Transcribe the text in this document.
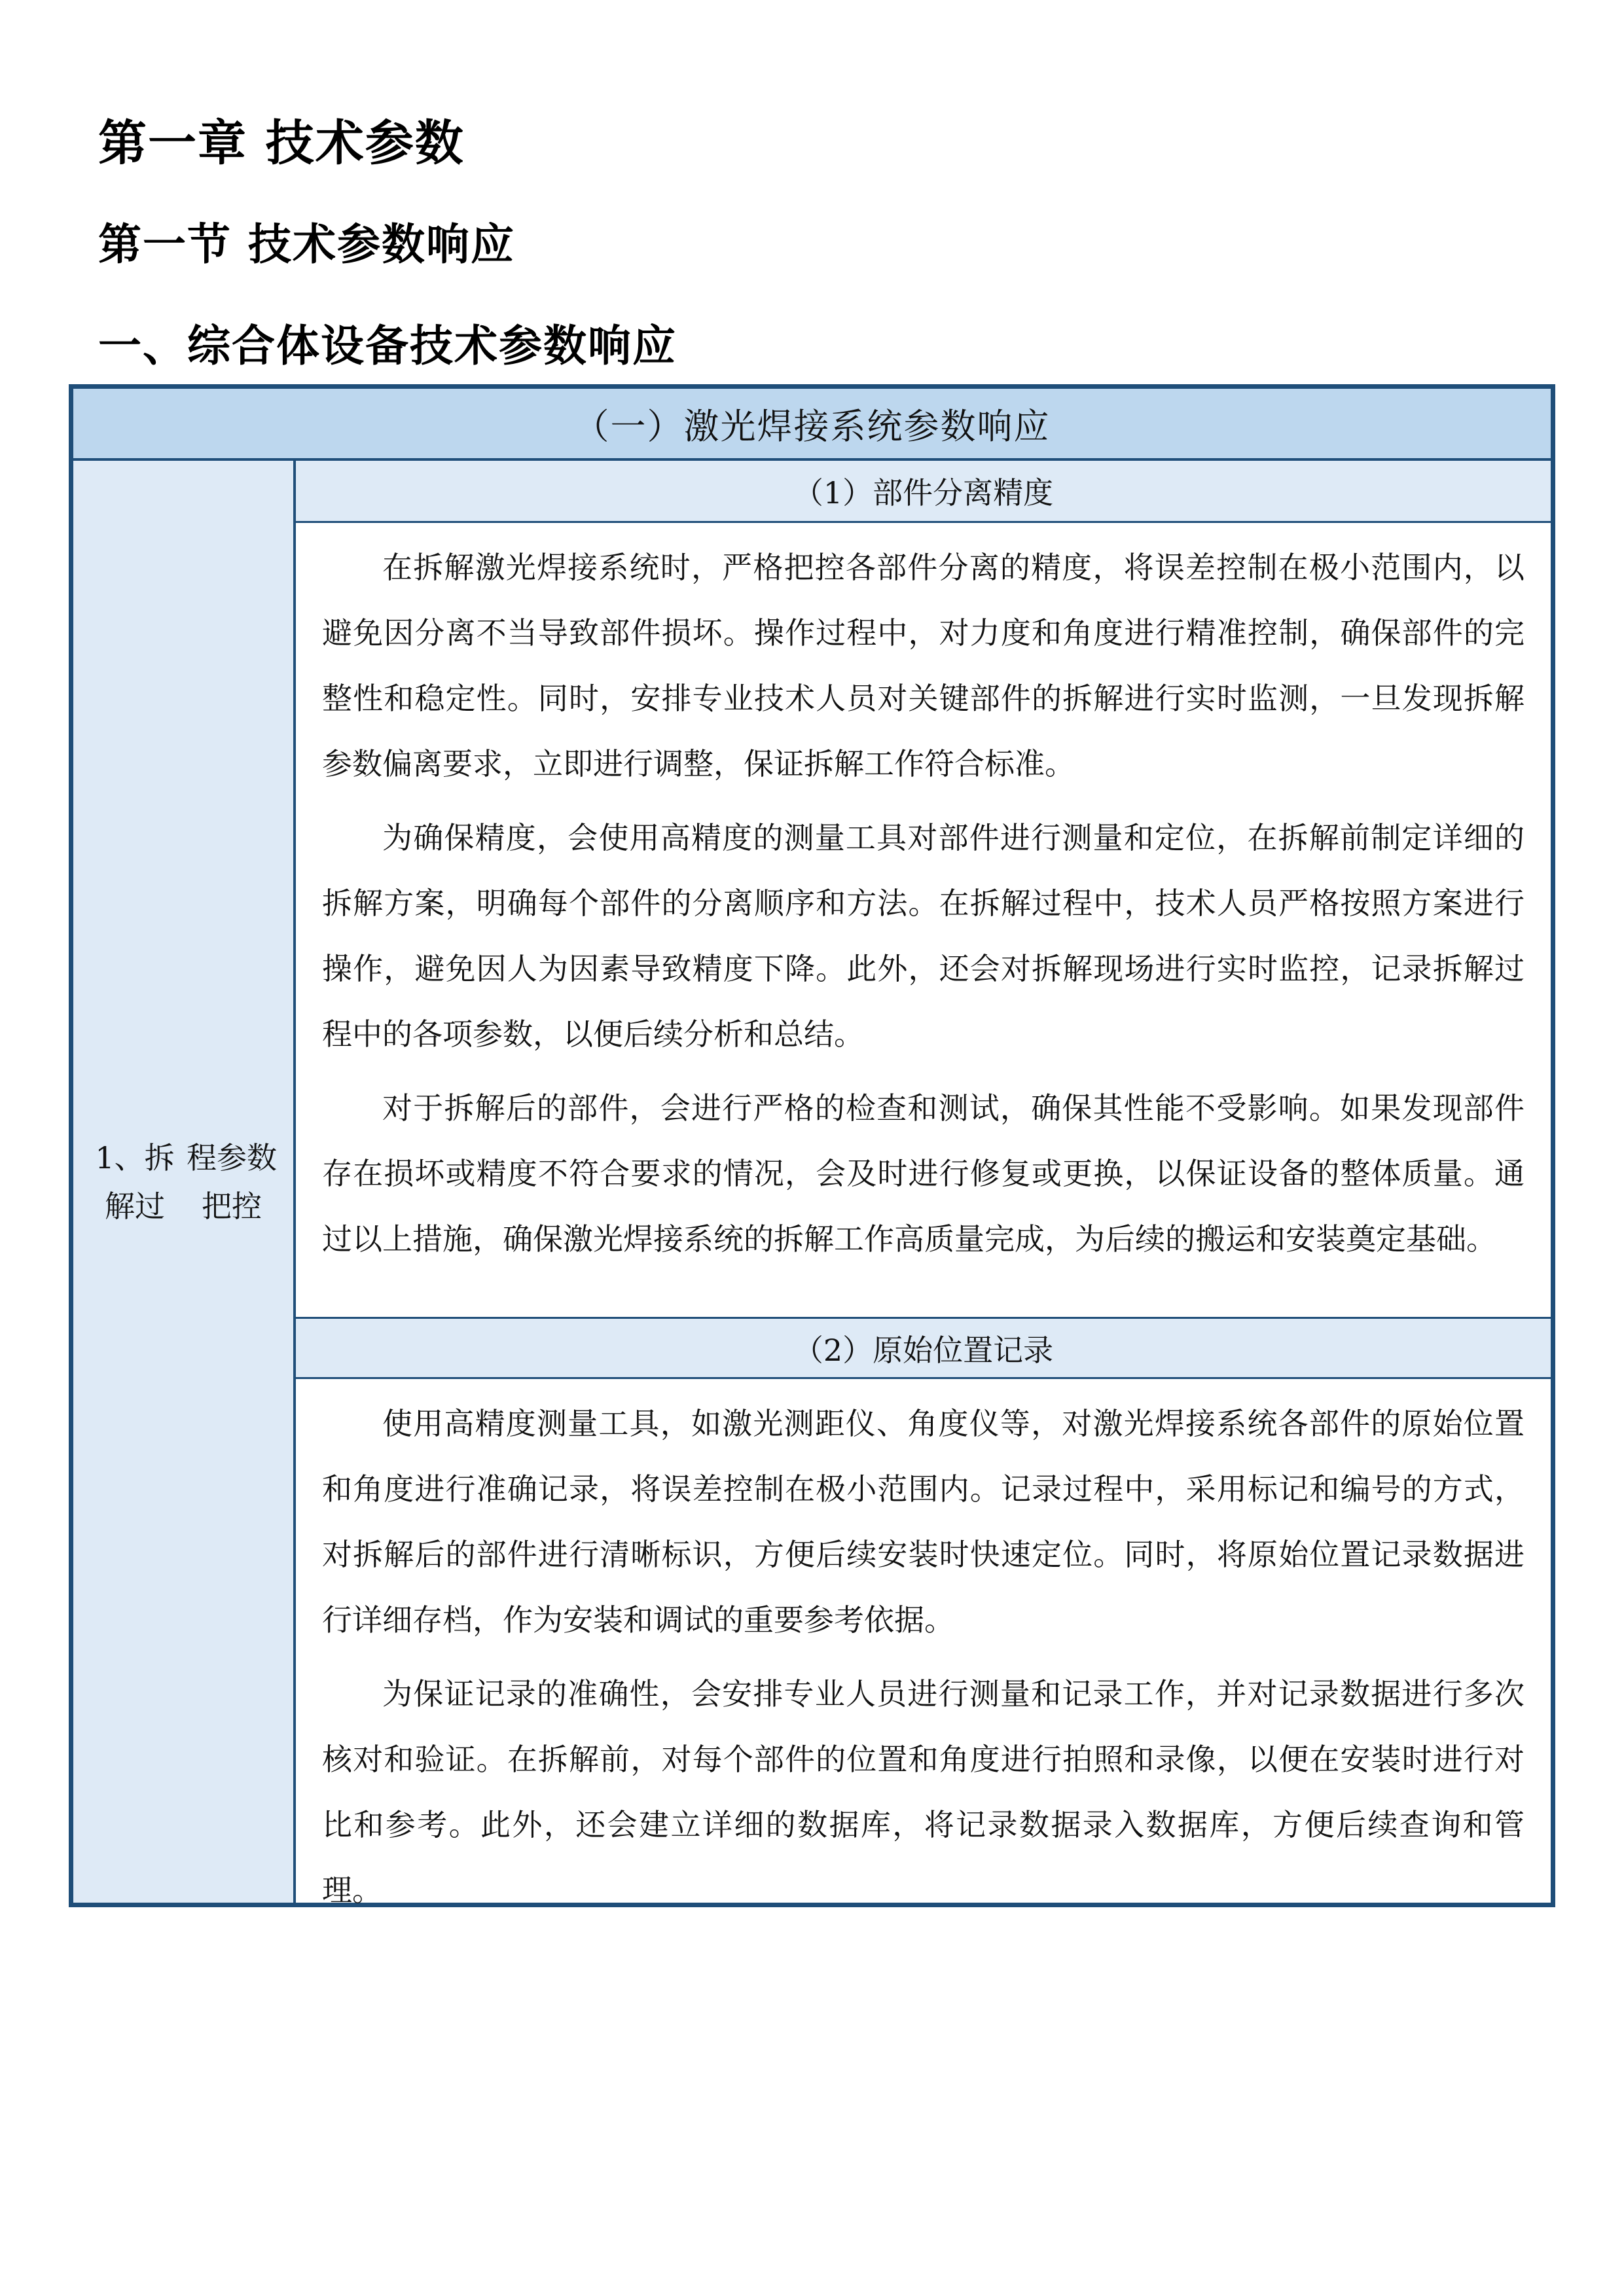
第一章 技术参数
第一节 技术参数响应
一、综合体设备技术参数响应
（一）激光焊接系统参数响应
1、拆解过
程参数把控
（1）部件分离精度

在拆解激光焊接系统时，严格把控各部件分离的精度，将误差控制在极小范围内，以避免因分离不当导致部件损坏。操作过程中，对力度和角度进行精准控制，确保部件的完整性和稳定性。同时，安排专业技术人员对关键部件的拆解进行实时监测，一旦发现拆解参数偏离要求，立即进行调整，保证拆解工作符合标准。

为确保精度，会使用高精度的测量工具对部件进行测量和定位，在拆解前制定详细的拆解方案，明确每个部件的分离顺序和方法。在拆解过程中，技术人员严格按照方案进行操作，避免因人为因素导致精度下降。此外，还会对拆解现场进行实时监控，记录拆解过程中的各项参数，以便后续分析和总结。

对于拆解后的部件，会进行严格的检查和测试，确保其性能不受影响。如果发现部件存在损坏或精度不符合要求的情况，会及时进行修复或更换，以保证设备的整体质量。通过以上措施，确保激光焊接系统的拆解工作高质量完成，为后续的搬运和安装奠定基础。

（2）原始位置记录

使用高精度测量工具，如激光测距仪、角度仪等，对激光焊接系统各部件的原始位置和角度进行准确记录，将误差控制在极小范围内。记录过程中，采用标记和编号的方式，对拆解后的部件进行清晰标识，方便后续安装时快速定位。同时，将原始位置记录数据进行详细存档，作为安装和调试的重要参考依据。

为保证记录的准确性，会安排专业人员进行测量和记录工作，并对记录数据进行多次核对和验证。在拆解前，对每个部件的位置和角度进行拍照和录像，以便在安装时进行对比和参考。此外，还会建立详细的数据库，将记录数据录入数据库，方便后续查询和管理。
